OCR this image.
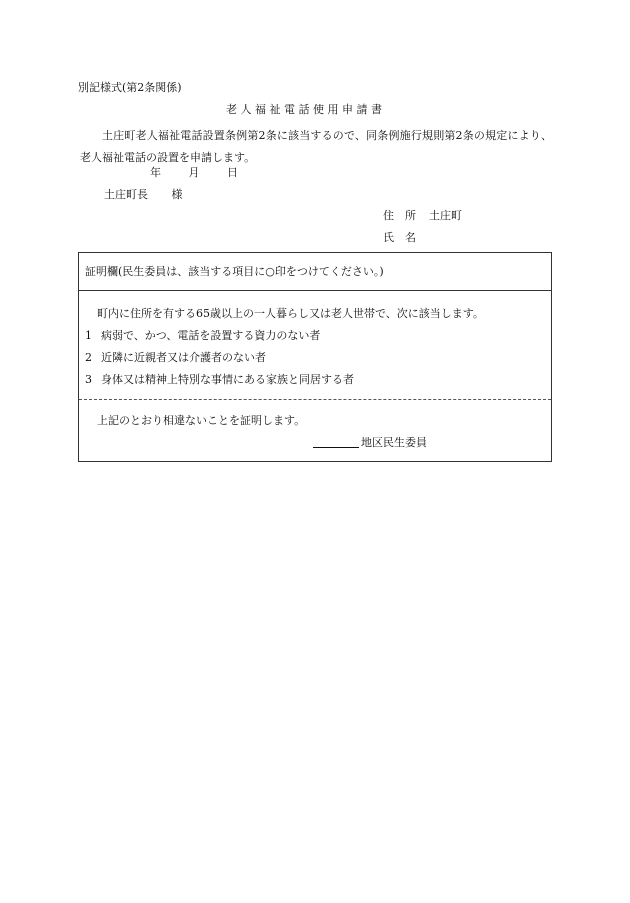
別記様式(第2条関係)
老人福祉電話使用申請書
土庄町老人福祉電話設置条例第2条に該当するので、同条例施行規則第2条の規定により、老人福祉電話の設置を申請します。
年	月	日
土庄町長 様
住　所 土庄町
氏　名
証明欄(民生委員は、該当する項目に○印をつけてください。)
町内に住所を有する65歳以上の一人暮らし又は老人世帯で、次に該当します。
1 病弱で、かつ、電話を設置する資力のない者
2 近隣に近親者又は介護者のない者
3 身体又は精神上特別な事情にある家族と同居する者
上記のとおり相違ないことを証明します。
地区民生委員
